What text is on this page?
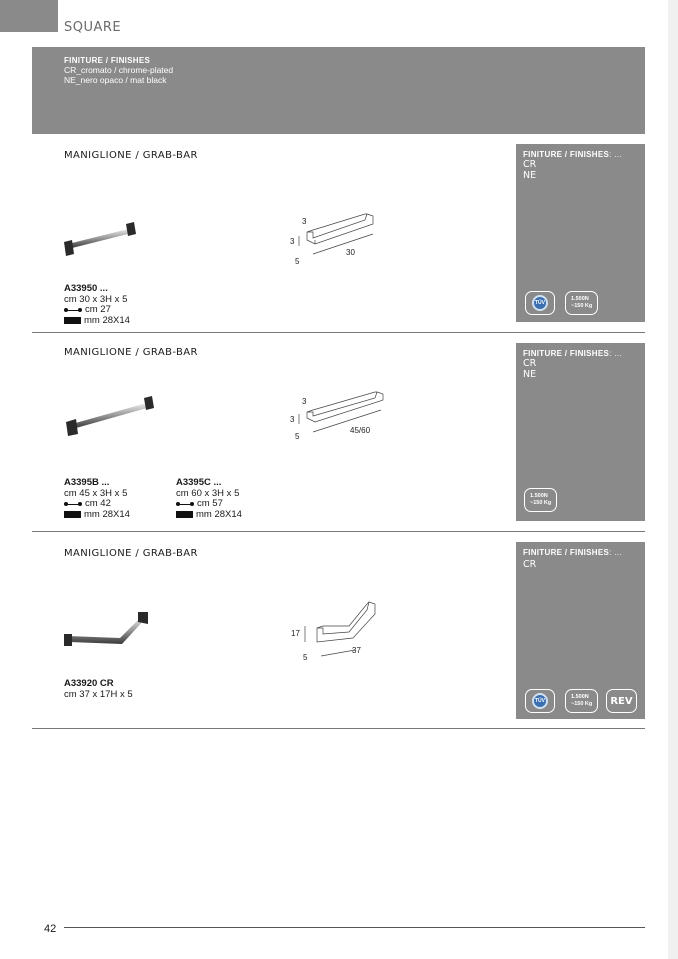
SQUARE
FINITURE / FINISHES
CR_cromato / chrome-plated
NE_nero opaco / mat black
MANIGLIONE / GRAB-BAR
3
3
5
30
A33950 ...
cm 30 x 3H x 5
cm 27
mm 28X14
FINITURE / FINISHES: ...
CR
NE
TÜV
1.500N
~150 Kg
MANIGLIONE / GRAB-BAR
3
3
5
45/60
A3395B ...
cm 45 x 3H x 5
cm 42
mm 28X14
A3395C ...
cm 60 x 3H x 5
cm 57
mm 28X14
FINITURE / FINISHES: ...
CR
NE
1.500N
~150 Kg
MANIGLIONE / GRAB-BAR
17
5
37
A33920 CR
cm 37 x 17H x 5
FINITURE / FINISHES: ...
CR
TÜV
1.500N
~150 Kg	REV
42
